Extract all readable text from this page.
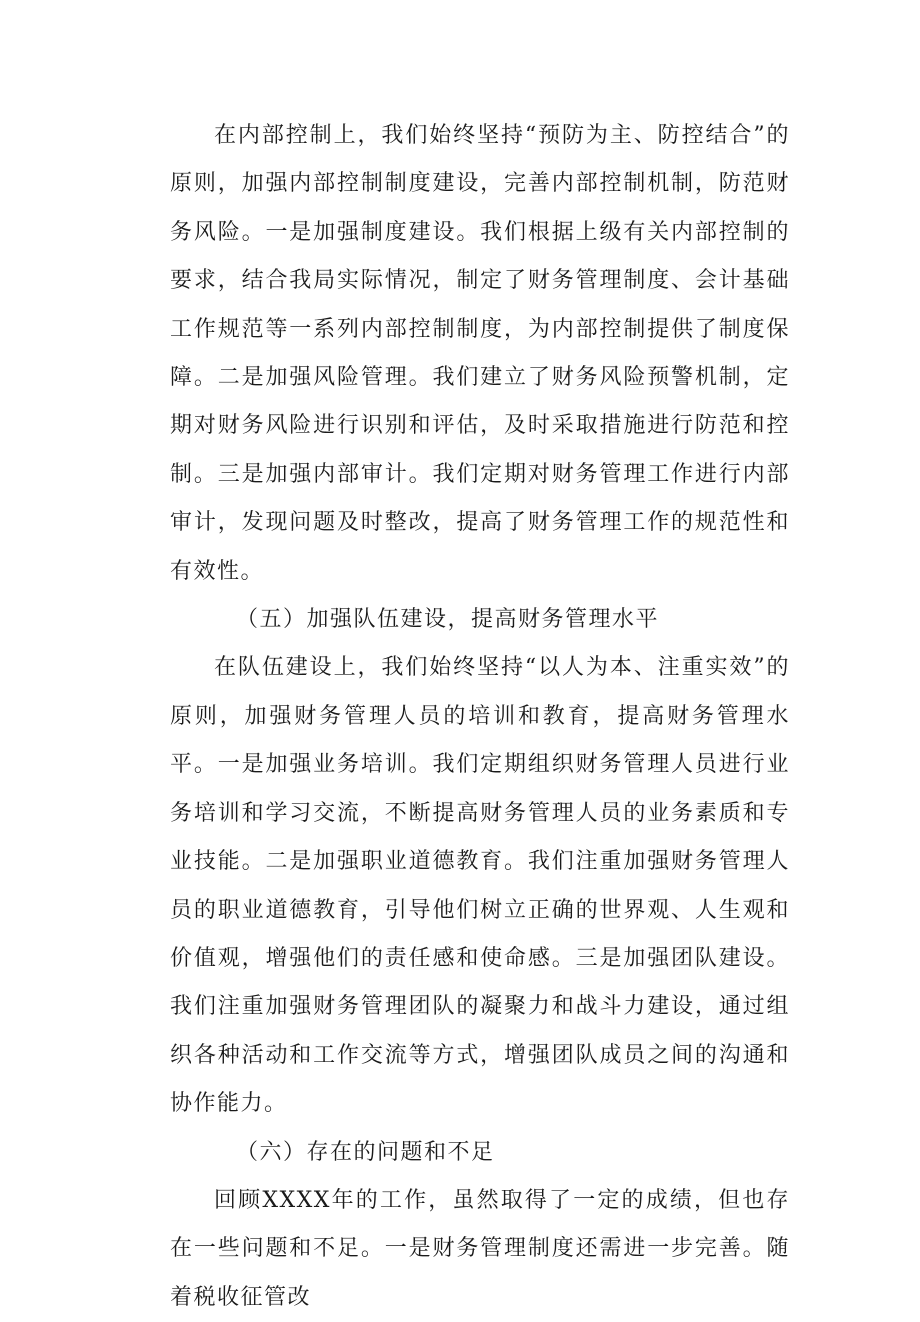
在内部控制上，我们始终坚持“预防为主、防控结合”的原则，加强内部控制制度建设，完善内部控制机制，防范财务风险。一是加强制度建设。我们根据上级有关内部控制的要求，结合我局实际情况，制定了财务管理制度、会计基础工作规范等一系列内部控制制度，为内部控制提供了制度保障。二是加强风险管理。我们建立了财务风险预警机制，定期对财务风险进行识别和评估，及时采取措施进行防范和控制。三是加强内部审计。我们定期对财务管理工作进行内部审计，发现问题及时整改，提高了财务管理工作的规范性和有效性。

（五）加强队伍建设，提高财务管理水平

在队伍建设上，我们始终坚持“以人为本、注重实效”的原则，加强财务管理人员的培训和教育，提高财务管理水平。一是加强业务培训。我们定期组织财务管理人员进行业务培训和学习交流，不断提高财务管理人员的业务素质和专业技能。二是加强职业道德教育。我们注重加强财务管理人员的职业道德教育，引导他们树立正确的世界观、人生观和价值观，增强他们的责任感和使命感。三是加强团队建设。我们注重加强财务管理团队的凝聚力和战斗力建设，通过组织各种活动和工作交流等方式，增强团队成员之间的沟通和协作能力。

（六）存在的问题和不足

回顾XXXX年的工作，虽然取得了一定的成绩，但也存在一些问题和不足。一是财务管理制度还需进一步完善。随着税收征管改
